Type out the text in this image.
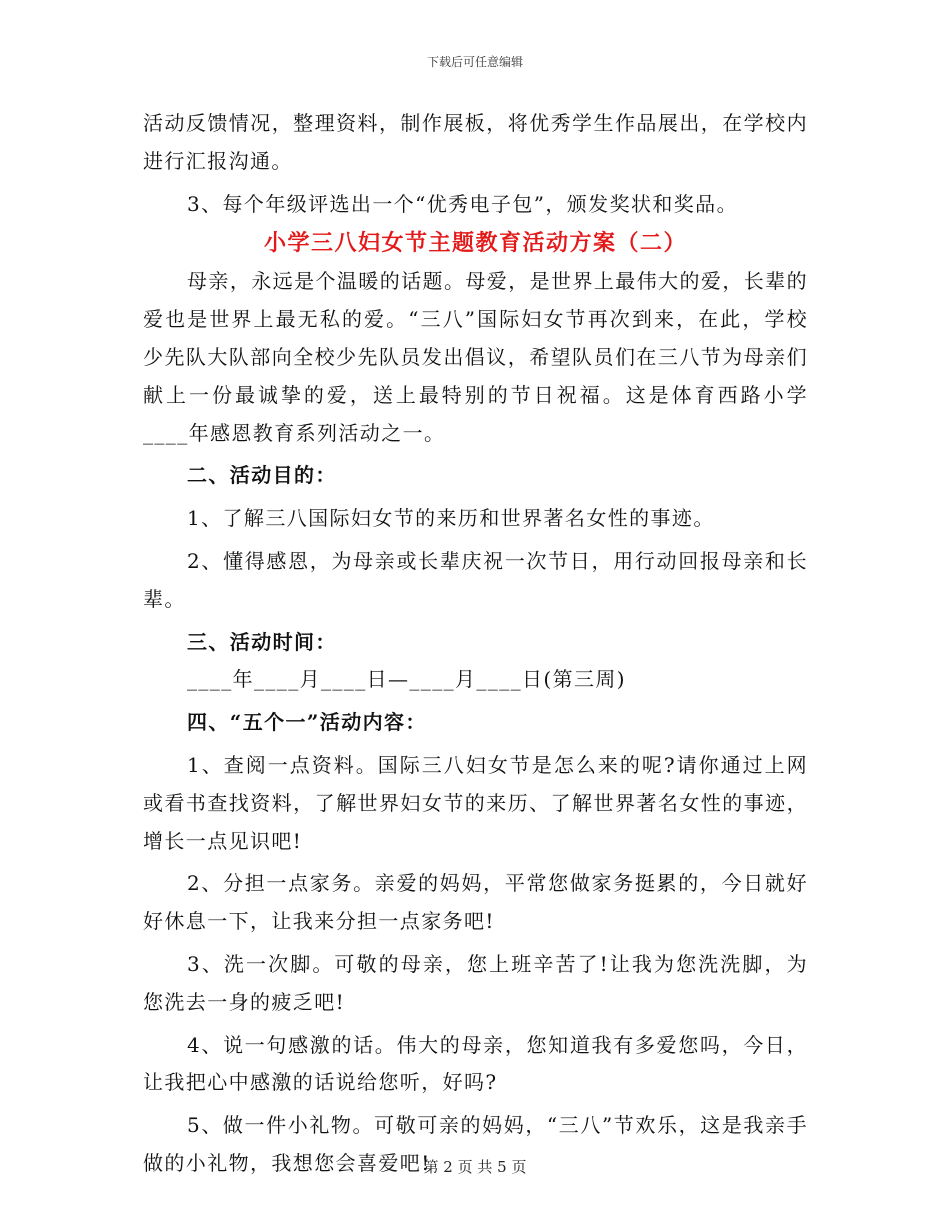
下载后可任意编辑

活动反馈情况，整理资料，制作展板，将优秀学生作品展出，在学校内进行汇报沟通。

3、每个年级评选出一个“优秀电子包”，颁发奖状和奖品。

小学三八妇女节主题教育活动方案（二）

母亲，永远是个温暖的话题。母爱，是世界上最伟大的爱，长辈的爱也是世界上最无私的爱。“三八”国际妇女节再次到来，在此，学校少先队大队部向全校少先队员发出倡议，希望队员们在三八节为母亲们献上一份最诚挚的爱，送上最特别的节日祝福。这是体育西路小学____年感恩教育系列活动之一。

二、活动目的：

1、了解三八国际妇女节的来历和世界著名女性的事迹。

2、懂得感恩，为母亲或长辈庆祝一次节日，用行动回报母亲和长辈。

三、活动时间：

____年____月____日—____月____日(第三周)

四、“五个一”活动内容：

1、查阅一点资料。国际三八妇女节是怎么来的呢?请你通过上网或看书查找资料，了解世界妇女节的来历、了解世界著名女性的事迹，增长一点见识吧!

2、分担一点家务。亲爱的妈妈，平常您做家务挺累的，今日就好好休息一下，让我来分担一点家务吧!

3、洗一次脚。可敬的母亲，您上班辛苦了!让我为您洗洗脚，为您洗去一身的疲乏吧!

4、说一句感激的话。伟大的母亲，您知道我有多爱您吗，今日，让我把心中感激的话说给您听，好吗?

5、做一件小礼物。可敬可亲的妈妈，“三八”节欢乐，这是我亲手做的小礼物，我想您会喜爱吧!

第 2 页 共 5 页
